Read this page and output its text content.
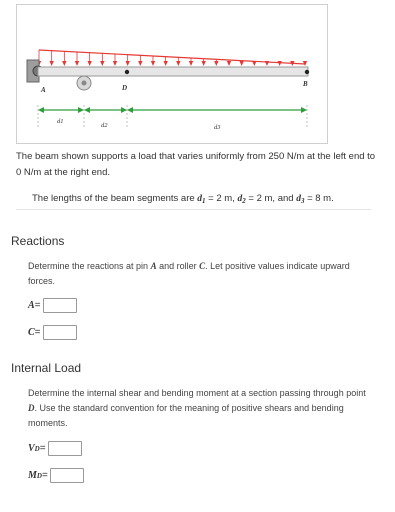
A	D	B
d1
d2	d3

The beam shown supports a load that varies uniformly from 250 N/m at the left end to 0 N/m at the right end.

The lengths of the beam segments are $d_1 = 2$ m, $d_2 = 2$ m, and $d_3 = 8$ m.

Reactions
Determine the reactions at pin A and roller C. Let positive values indicate upward forces.
A =
C =
Internal Load
Determine the internal shear and bending moment at a section passing through point D. Use the standard convention for the meaning of positive shears and bending moments.
V D =
M D =
